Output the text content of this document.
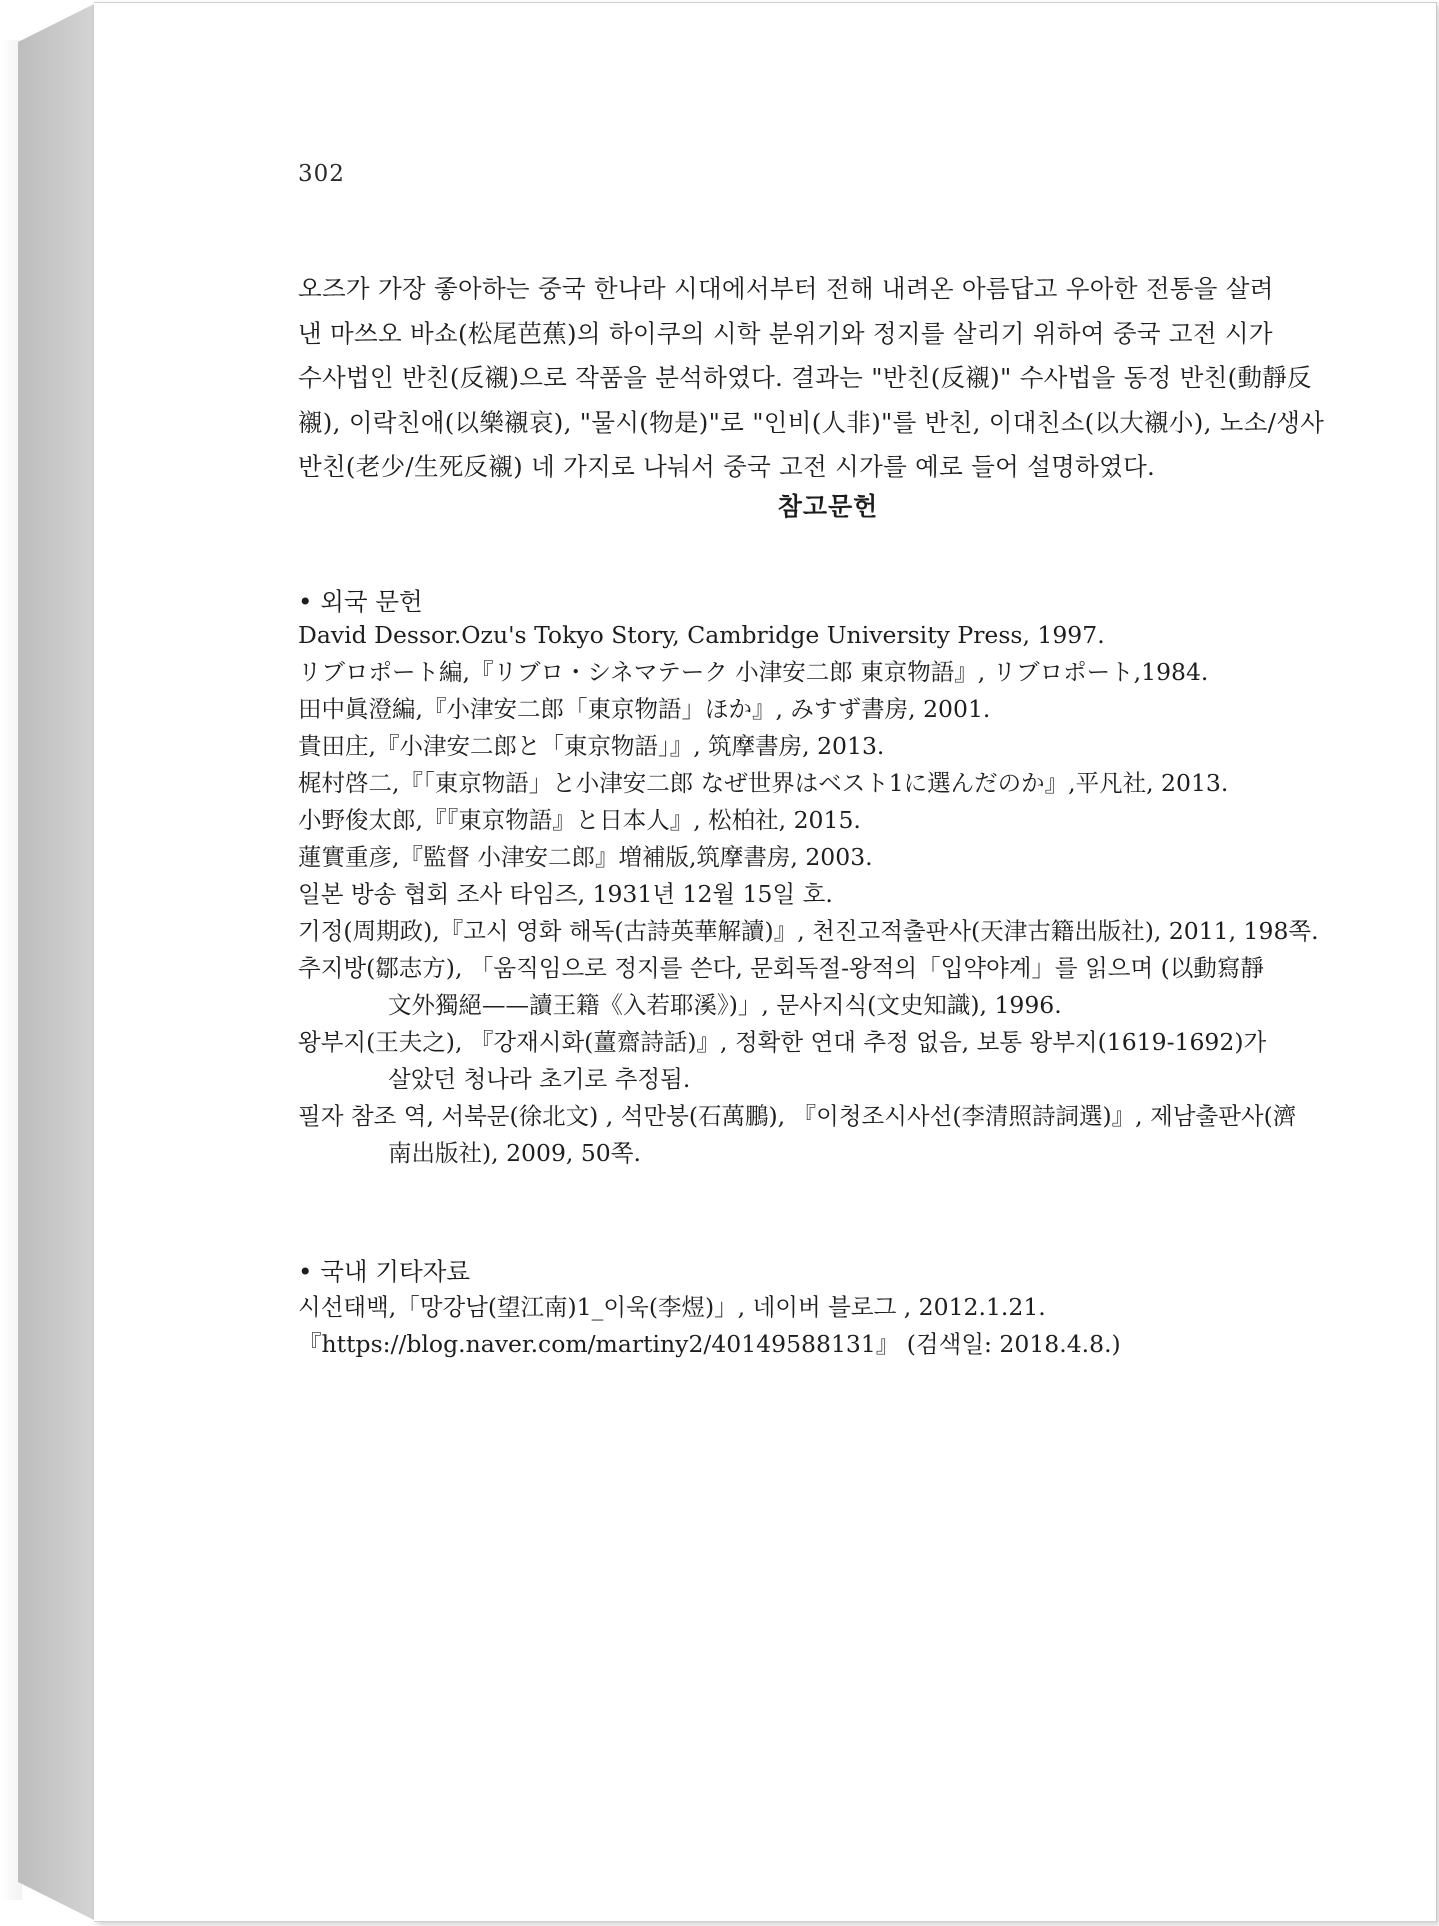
302
오즈가 가장 좋아하는 중국 한나라 시대에서부터 전해 내려온 아름답고 우아한 전통을 살려
낸 마쓰오 바쇼(松尾芭蕉)의 하이쿠의 시학 분위기와 정지를 살리기 위하여 중국 고전 시가
수사법인 반친(反襯)으로 작품을 분석하였다. 결과는 "반친(反襯)" 수사법을 동정 반친(動靜反
襯), 이락친애(以樂襯哀), "물시(物是)"로 "인비(人非)"를 반친, 이대친소(以大襯小), 노소/생사
반친(老少/生死反襯) 네 가지로 나눠서 중국 고전 시가를 예로 들어 설명하였다.
참고문헌
• 외국 문헌
David Dessor.Ozu's Tokyo Story, Cambridge University Press, 1997.
リブロポート編,『リブロ・シネマテーク 小津安二郎 東京物語』, リブロポート,1984.
田中眞澄編,『小津安二郎「東京物語」ほか』, みすず書房, 2001.
貴田庄,『小津安二郎と「東京物語」』, 筑摩書房, 2013.
梶村啓二,『「東京物語」と小津安二郎 なぜ世界はベスト1に選んだのか』,平凡社, 2013.
小野俊太郎,『『東京物語』と日本人』, 松柏社, 2015.
蓮實重彦,『監督 小津安二郎』増補版,筑摩書房, 2003.
일본 방송 협회 조사 타임즈, 1931년 12월 15일 호.
기정(周期政),『고시 영화 해독(古詩英華解讀)』, 천진고적출판사(天津古籍出版社), 2011, 198쪽.
추지방(鄒志方), 「움직임으로 정지를 쓴다, 문회독절-왕적의「입약야계」를 읽으며 (以動寫靜
文外獨絕——讀王籍《入若耶溪》)」, 문사지식(文史知識), 1996.
왕부지(王夫之), 『강재시화(薑齋詩話)』, 정확한 연대 추정 없음, 보통 왕부지(1619-1692)가
살았던 청나라 초기로 추정됨.
필자 참조 역, 서북문(徐北文) , 석만붕(石萬鵬), 『이청조시사선(李清照詩詞選)』, 제남출판사(濟
南出版社), 2009, 50쪽.
• 국내 기타자료
시선태백,「망강남(望江南)1_이욱(李煜)」, 네이버 블로그 , 2012.1.21.
『https://blog.naver.com/martiny2/40149588131』 (검색일: 2018.4.8.)
